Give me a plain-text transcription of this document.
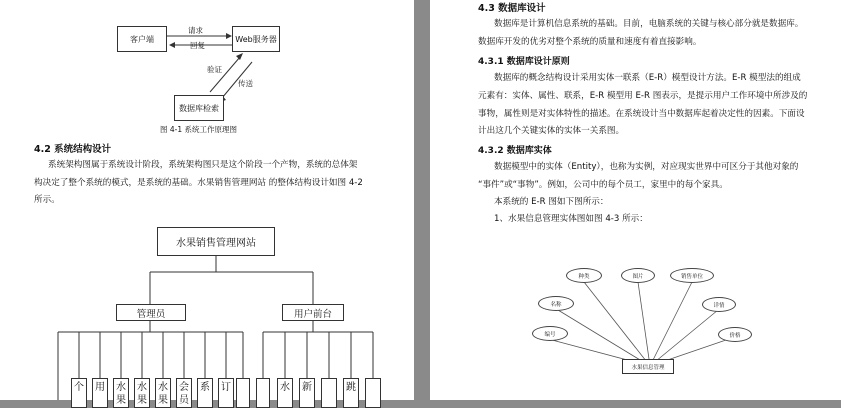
客户端	Web服务器
数据库检索
请求
回复
验证
传送
图 4-1 系统工作原理图
4.2 系统结构设计
系统架构图属于系统设计阶段，系统架构图只是这个阶段一个产物，系统的总体架
构决定了整个系统的模式，是系统的基础。水果销售管理网站 的整体结构设计如图 4-2
所示。
水果销售管理网站
管理员	用户前台
个 用 水果
水果
水果
会员
系 订	水 新	跳
4.3 数据库设计
数据库是计算机信息系统的基础。目前，电脑系统的关键与核心部分就是数据库。
数据库开发的优劣对整个系统的质量和速度有着直接影响。
4.3.1 数据库设计原则
数据库的概念结构设计采用实体一联系（E-R）模型设计方法。E-R 模型法的组成
元素有：实体、属性、联系，E-R 模型用 E-R 图表示，是提示用户工作环境中所涉及的
事物，属性则是对实体特性的描述。在系统设计当中数据库起着决定性的因素。下面设
计出这几个关键实体的实体一关系图。
4.3.2 数据库实体
数据模型中的实体（Entity），也称为实例，对应现实世界中可区分于其他对象的
“事件”或“事物”。例如，公司中的每个员工，家里中的每个家具。
本系统的 E-R 图如下图所示：
1、水果信息管理实体图如图 4-3 所示：
种类	图片	销售单位
详情
价格
编号
名称
水果信息管理
